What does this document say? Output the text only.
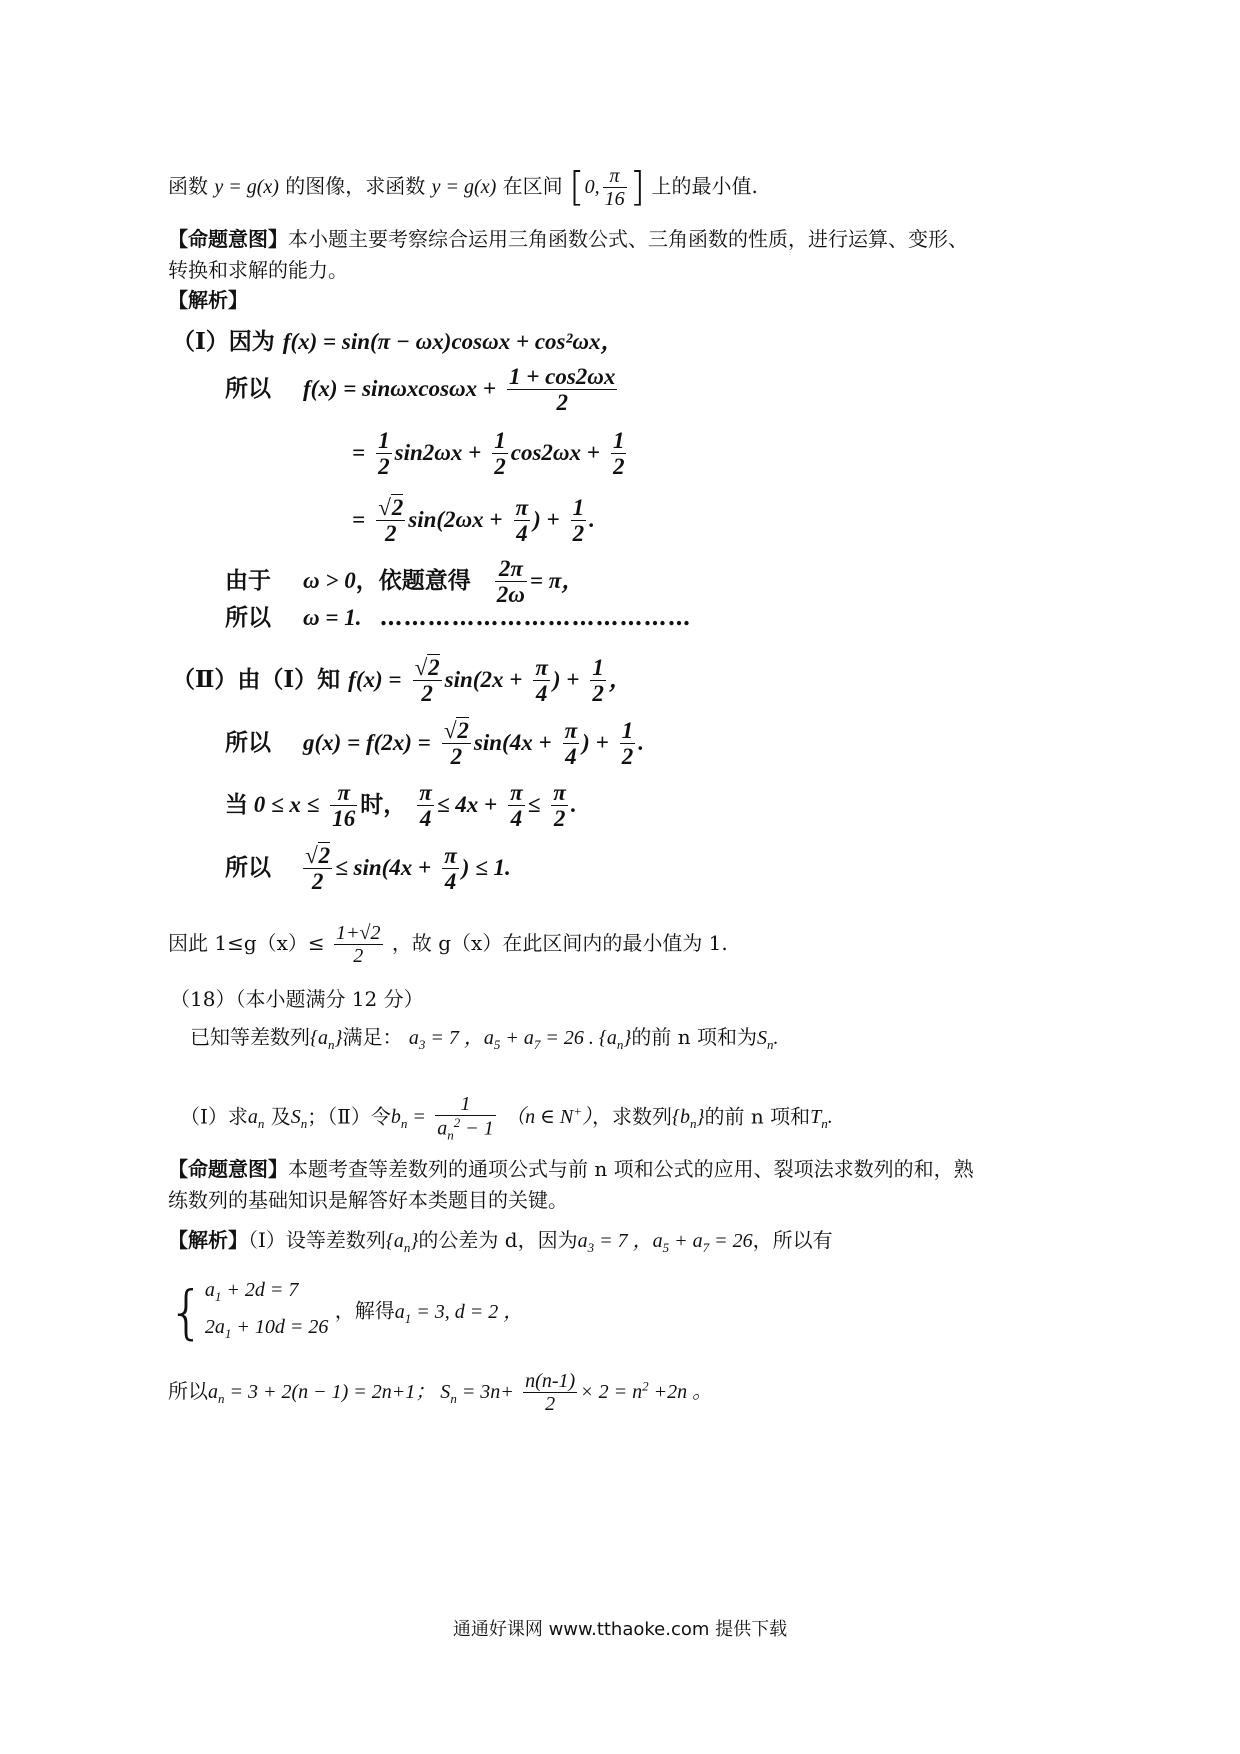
函数 y = g(x) 的图像，求函数 y = g(x) 在区间 [0, $\frac{\pi}{16}$ ] 上的最小值.
【命题意图】本小题主要考察综合运用三角函数公式、三角函数的性质，进行运算、变形、
转换和求解的能力。
【解析】
（Ⅰ）因为 f(x) = sin(π − ωx)cosωx + cos²ωx，
所以 $f(x) = \sin\omega xcos\omega x + \frac{1 + \cos 2\omega x}{2}$
= $\frac{1}{2} \sin 2\omega x + \frac{1}{2} \cos 2\omega x + \frac{1}{2}$
= $\frac{√2}{2} \sin(2\omega x + \frac{\pi}{4}$ ) + $\frac{1}{2}$ .
由于 ω > 0，依题意得 $\frac{2\pi}{2\omega} = \pi$，
所以 ω = 1. …………………………………
（Ⅱ）由（Ⅰ）知 $f(x) = \frac{√2}{2} \sin(2x + \frac{\pi}{4}$ ) + $\frac{1}{2}$ ，
所以 $g(x) = f(2x) = \frac{√2}{2} \sin(4x + \frac{\pi}{4}$ ) + $\frac{1}{2}$ .
当 $0 \le x \le \frac{\pi}{16}$ 时， $\frac{\pi}{4} \le 4x + \frac{\pi}{4} \le \frac{\pi}{2}$ .
所以 $\frac{√2}{2} \le \sin(4x + \frac{\pi}{4}$ ) ≤ 1.
因此 $1\le g(x)\le \frac{1+√2}{2}$ ，故 g（x）在此区间内的最小值为 1.
（18）（本小题满分 12 分）
已知等差数列$\{a_n\}$满足： $a_3 = 7$ ，$a_5 + a_7 = 26$ . $\{a_n\}$的前 n 项和为$S_n$.
（Ⅰ）求$a_n$ 及$S_n$；（Ⅱ）令$b_n = \frac{1}{a_n^2 - 1} (n$ ∈ N+），求数列$\{b_n\}$的前 n 项和$T_n$.
【命题意图】本题考查等差数列的通项公式与前 n 项和公式的应用、裂项法求数列的和，熟
练数列的基础知识是解答好本类题目的关键。
【解析】（Ⅰ）设等差数列$\{a_n\}$的公差为 d，因为$a_3 = 7$ ，$a_5 + a_7 = 26$，所以有
{ $a_1 + 2d = 7$
$2a_1 + 10d = 26$
，解得$a_1 = 3$, d = 2 ，
所以$a_n = 3 + 2(n - 1) = 2n+1$； $S_n = 3n+ \frac{n(n-1)}{2} \times 2 = n^2 +2n$ 。
通通好课网 www.tthaoke.com 提供下载
